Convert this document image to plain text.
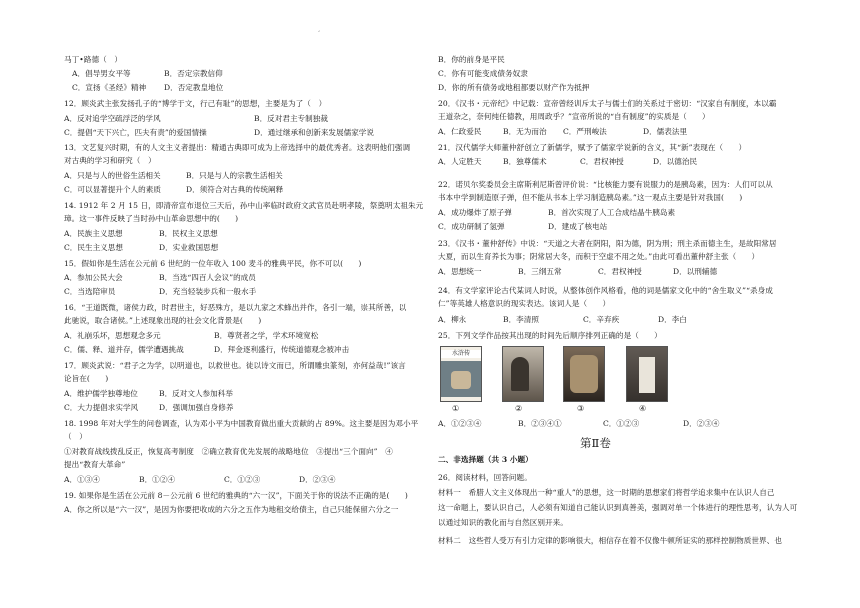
‘
马丁•路德（　）
A．倡导男女平等	B．否定宗教信仰
C．宣扬《圣经》精神 D．否定教皇地位
12．顾炎武主张发扬孔子的“博学于文，行己有耻”的思想，主要是为了（　）
A．反对追学空疏浮泛的学风	B．反对君主专制独裁
C．提倡“天下兴亡，匹夫有责”的爱国情操	D．通过继承和创新来发展儒家学说
13．文艺复兴时期，有的人文主义者提出：精通古典即可成为上帝选择中的最优秀者。这表明他们强调
对古典的学习和研究（　）
A．只是与人的世俗生活相关	B．只是与人的宗教生活相关
C．可以显著提升个人的素质	D．须符合对古典的传统阐释
14. 1912 年 2 月 15 日，即清帝宣布退位三天后，孙中山率临时政府文武官员赴明孝陵，祭奠明太祖朱元
璋。这一事件反映了当时孙中山革命思想中的(　　)
A．民族主义思想	B．民权主义思想
C．民生主义思想	D．实业救国思想
15．假如你是生活在公元前 6 世纪的一位年收入 100 麦斗的雅典平民，你不可以(　　)
A．参加公民大会	B．当选“四百人会议”的成员
C．当选陪审员	D．充当轻装步兵和一般水手
16．“王道既微，诸侯力政，时君世主，好恶殊方，是以九家之术蜂出并作，各引一端，崇其所善，以
此驰说，取合诸侯。”上述现象出现的社会文化背景是(　　)
A．礼崩乐坏，思想观念多元	B．尊贤者之学，学术环境宽松
C．儒、释、道并存，儒学遭遇挑战	D．拜金逐利盛行，传统道德观念被冲击
17．顾炎武说：“君子之为学，以明道也，以救世也。徒以诗文而已，所谓雕虫篆刻，亦何益哉!”该言
论旨在(　　)
A．维护儒学独尊地位	B．反对文人参加科举
C．大力提倡求实学风	D．强调加强自身修养
18. 1998 年对大学生的问卷调查，认为邓小平为中国教育做出重大贡献的占 89%。这主要是因为邓小平
（　）
①对教育战线拨乱反正，恢复高考制度　②确立教育优先发展的战略地位　③提出“三个面向”　④
提出“教育大革命”
A．①③④	B．①②④	C．①②③	D．②③④
19. 如果你是生活在公元前 8－公元前 6 世纪的雅典的“六一汉”，下面关于你的说法不正确的是(　　)
A．你之所以是“六一汉”，是因为你要把收成的六分之五作为地租交给债主，自己只能保留六分之一
B．你的前身是平民
C．你有可能变成债务奴隶
D．你的所有债务或地租都要以财产作为抵押
20．《汉书・元帝纪》中记载：宣帝曾经训斥太子与儒士们的关系过于密切：“汉家自有制度，本以霸
王道杂之，奈何纯任德教，用周政乎？”宣帝所说的“自有制度”的实质是（　　）
A．仁政爱民	B．无为而治 C．严刑峻法	D．儒表法里
21．汉代儒学大师董仲舒创立了新儒学，赋予了儒家学说新的含义，其“新”表现在（　　）
A．人定胜天	B．独尊儒术	C．君权神授	D．以德治民
22．诺贝尔奖委员会主席斯利尼斯曾评价说：“比核能力要有说服力的是胰岛素，因为：人们可以从
书本中学到制造原子弹，但不能从书本上学习制造胰岛素。”这一观点主要是针对我国(　　)
A．成功爆炸了原子弹	B．首次实现了人工合成结晶牛胰岛素
C．成功研制了氢弹	D．建成了核电站
23．《汉书・董仲舒传》中说：“天道之大者在阴阳，阳为德，阴为刑；刑主杀而德主生，是故阳常居
大夏，而以生育养长为事；阴常居大冬，而积于空虚不用之处。”由此可看出董仲舒主张（　　）
A．思想统一	B．三纲五常	C．君权神授	D．以刑辅德
24．有文学家评论古代某词人时说，从整体创作风格看，他的词是儒家文化中的“舍生取义”“杀身成
仁”等英雄人格意识的现实表达。该词人是（　　）
A．柳永	B．李清照	C．辛弃疾	D．李白
25．下列文学作品按其出现的时间先后顺序排列正确的是（　　）
水浒传
①	②	③	④
A．①②③④	B．②③④①	C．①②③	D．②③④
第Ⅱ卷
二、非选择题（共 3 小题）
26．阅读材料，回答问题。
材料一　希腊人文主义体现出一种“重人”的思想，这一时期的思想家们将哲学追求集中在认识人自己
这一命题上，要认识自己，人必须有知道自己能认识到真善美，强调对单一个体进行的理性思考，认为人可
以通过知识的教化而与自然区别开来。
材料二　这些哲人受万有引力定律的影响很大，相信存在着不仅像牛顿所证实的那样控制物质世界、也
